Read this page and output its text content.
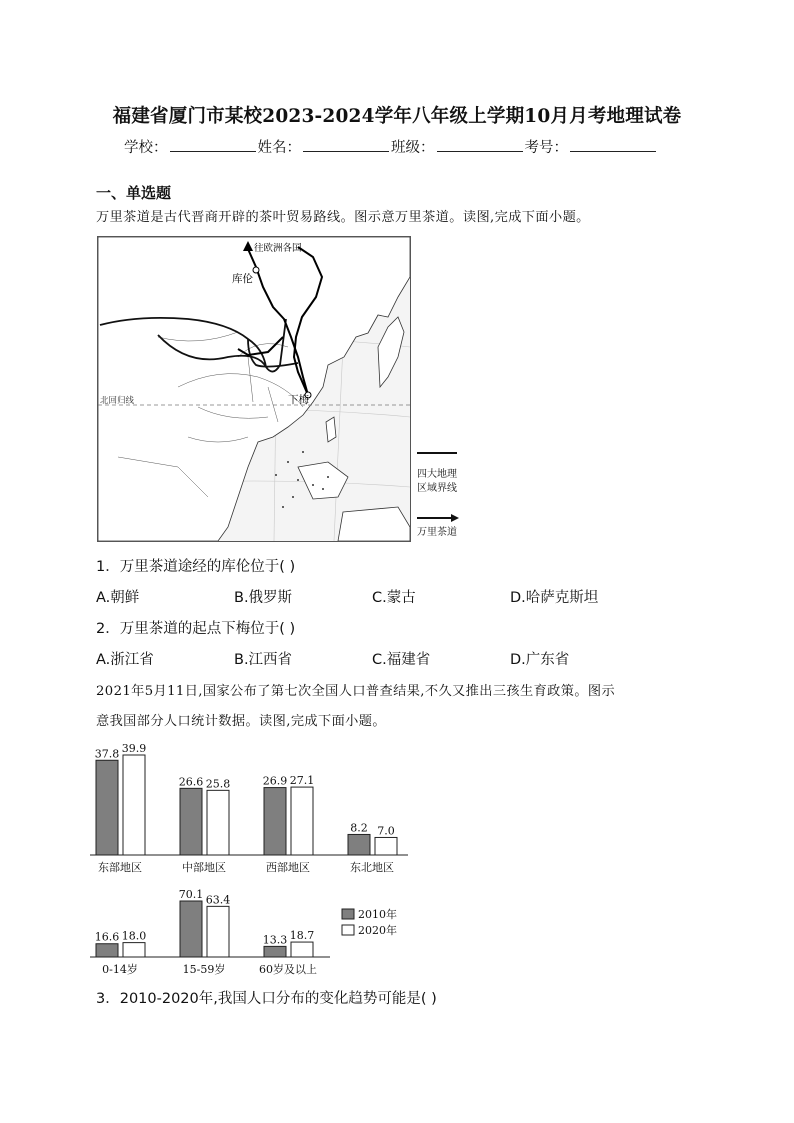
福建省厦门市某校2023-2024学年八年级上学期10月月考地理试卷
学校：	姓名：	班级：	考号：
一、单选题
万里茶道是古代晋商开辟的茶叶贸易路线。图示意万里茶道。读图,完成下面小题。
往欧洲各国
库伦
下梅
北回归线
四大地理
区域界线
万里茶道
1．万里茶道途经的库伦位于( )
A.朝鲜	B.俄罗斯	C.蒙古	D.哈萨克斯坦
2．万里茶道的起点下梅位于( )
A.浙江省	B.江西省	C.福建省	D.广东省
2021年5月11日,国家公布了第七次全国人口普查结果,不久又推出三孩生育政策。图示
意我国部分人口统计数据。读图,完成下面小题。
37.8 39.9
东部地区
26.6 25.8
中部地区
26.9 27.1
西部地区
8.2 7.0
东北地区
16.6 18.0
0-14岁
70.1 63.4
15-59岁
13.3 18.7
60岁及以上
2010年
2020年
3．2010-2020年,我国人口分布的变化趋势可能是( )
